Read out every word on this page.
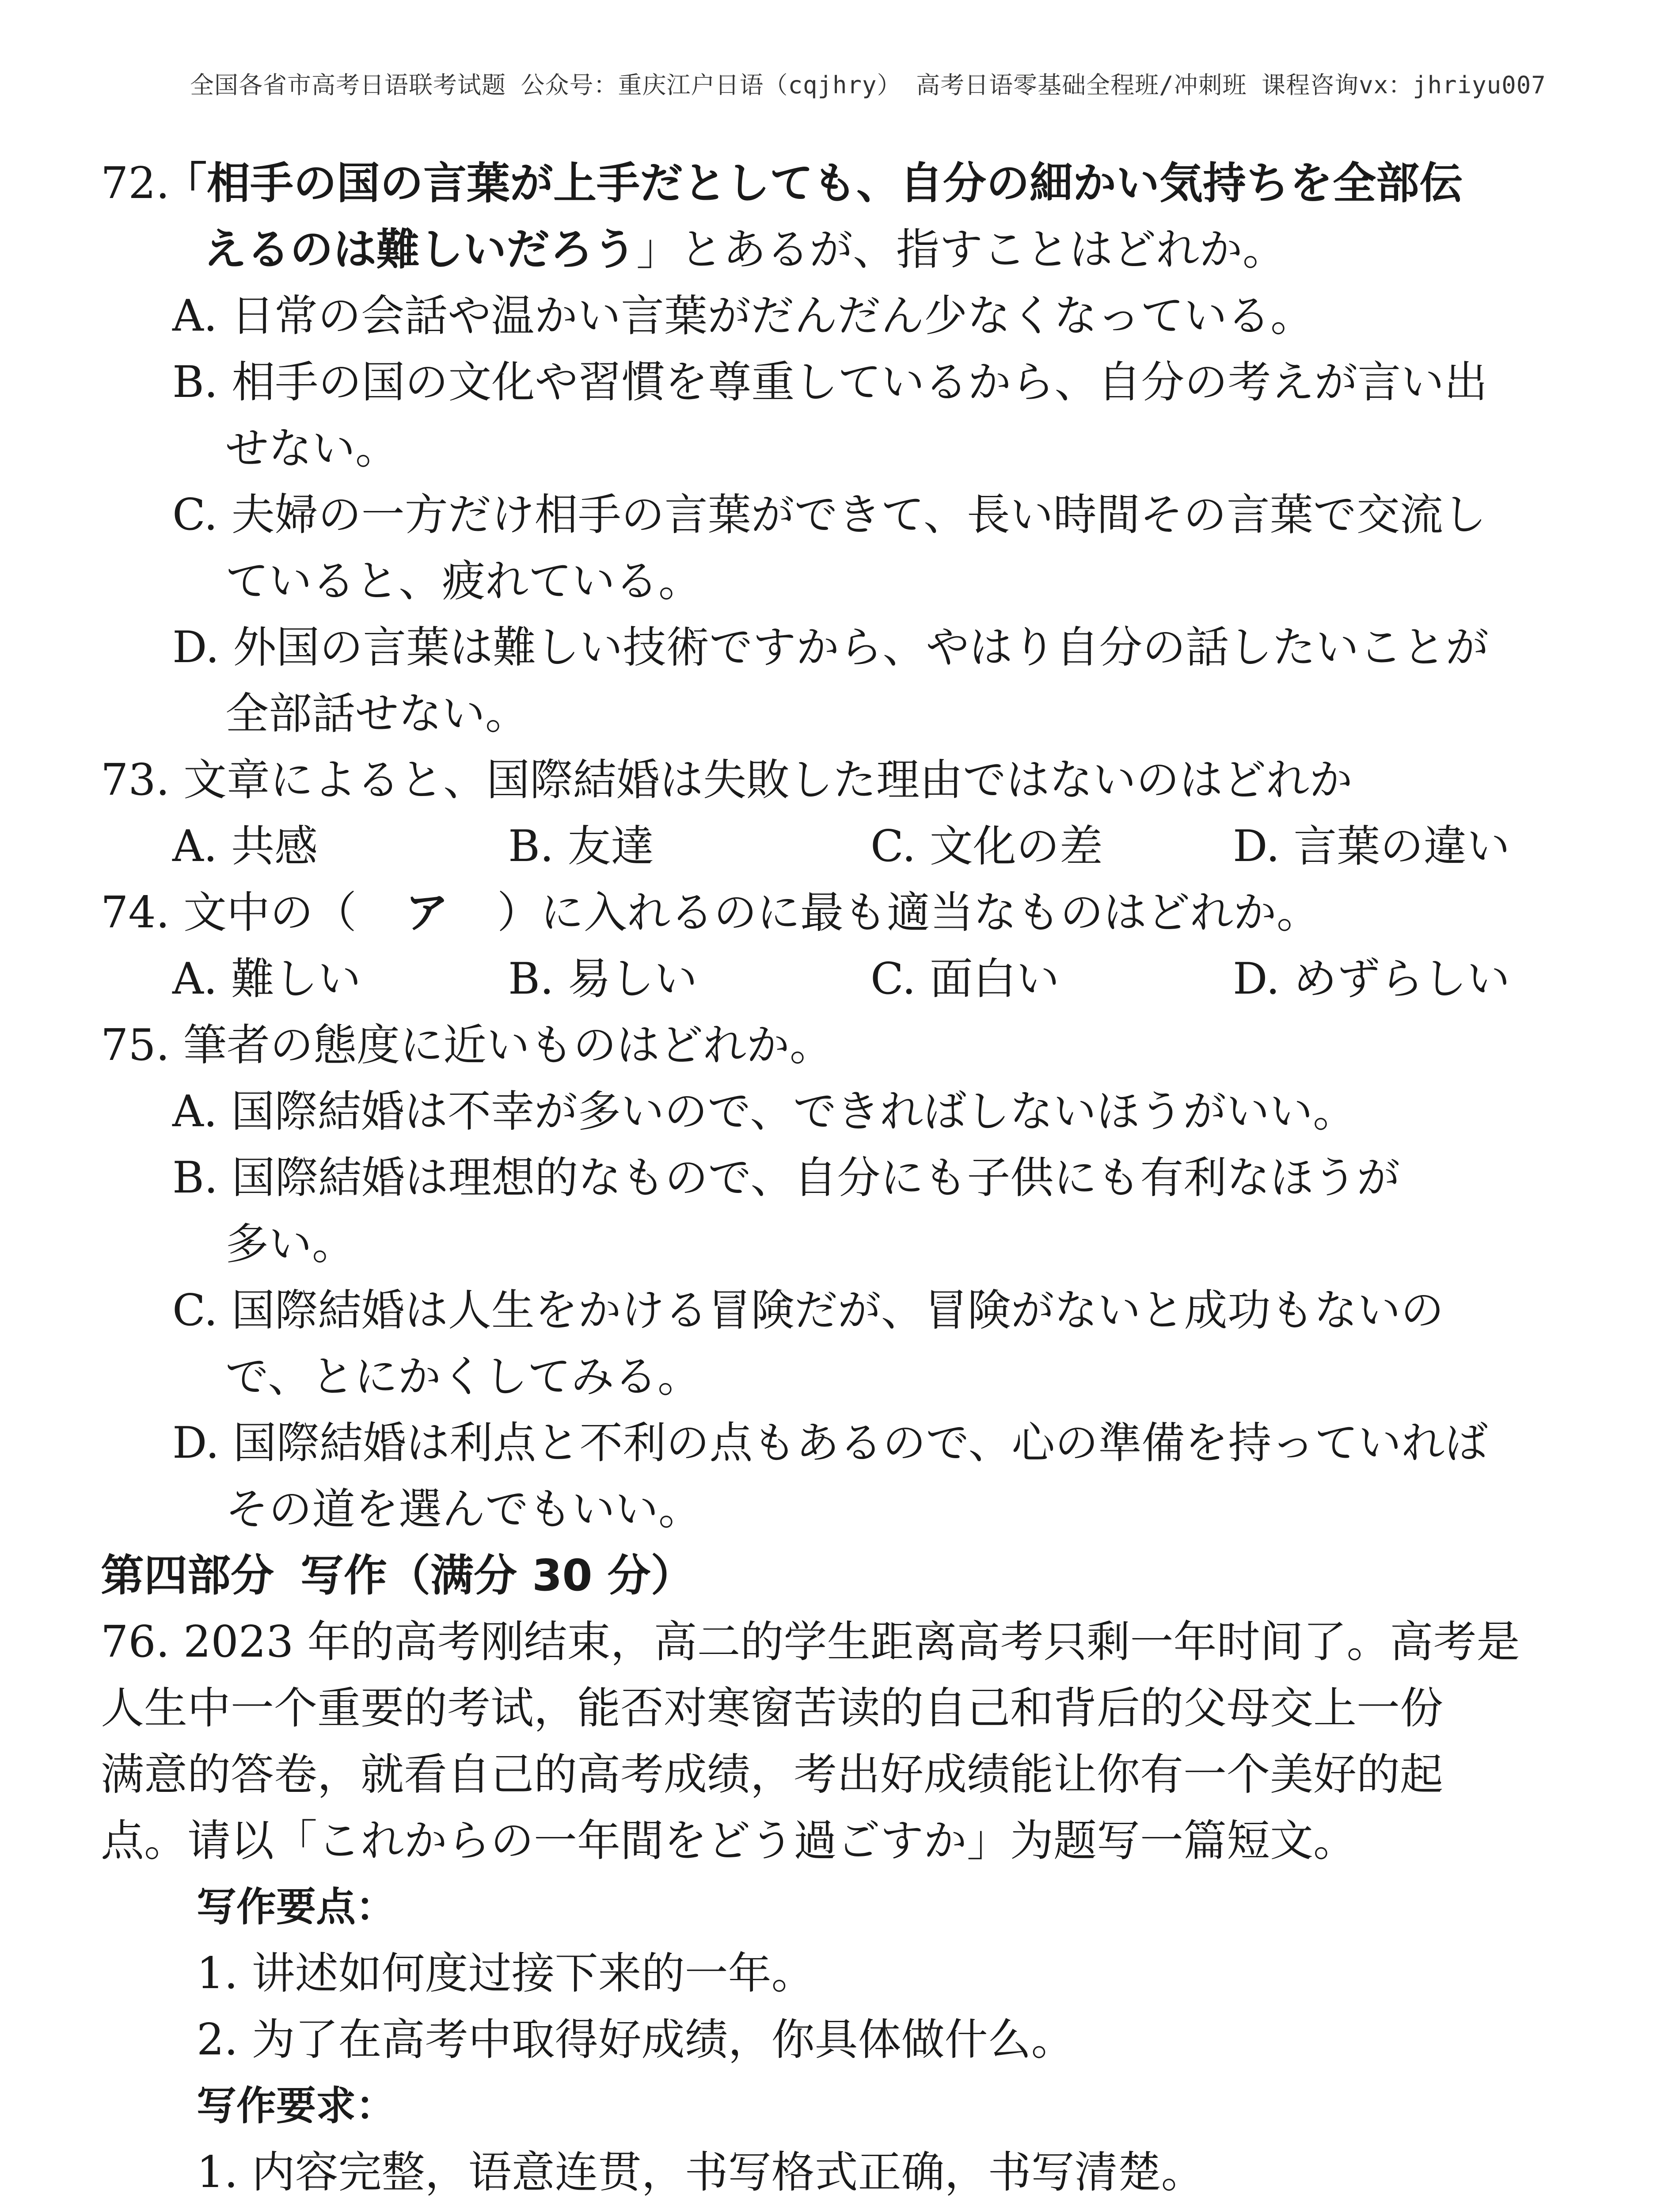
全国各省市高考日语联考试题 公众号：重庆江户日语（cqjhry） 高考日语零基础全程班/冲刺班 课程咨询vx：jhriyu007
72.
「相手の国の言葉が上手だとしても、自分の細かい気持ちを全部伝
えるのは難しいだろう」とあるが、指すことはどれか。
A. 日常の会話や温かい言葉がだんだん少なくなっている。
B. 相手の国の文化や習慣を尊重しているから、自分の考えが言い出
せない。
C. 夫婦の一方だけ相手の言葉ができて、長い時間その言葉で交流し
ていると、疲れている。
D. 外国の言葉は難しい技術ですから、やはり自分の話したいことが
全部話せない。
73. 文章によると、国際結婚は失敗した理由ではないのはどれか
A. 共感	B. 友達	C. 文化の差	D. 言葉の違い
74. 文中の（ ア ）に入れるのに最も適当なものはどれか。
A. 難しい	B. 易しい	C. 面白い	D. めずらしい
75. 筆者の態度に近いものはどれか。
A. 国際結婚は不幸が多いので、できればしないほうがいい。
B. 国際結婚は理想的なもので、自分にも子供にも有利なほうが
多い。
C. 国際結婚は人生をかける冒険だが、冒険がないと成功もないの
で、とにかくしてみる。
D. 国際結婚は利点と不利の点もあるので、心の準備を持っていれば
その道を選んでもいい。
第四部分 写作（满分 30 分）
76. 2023 年的高考刚结束，高二的学生距离高考只剩一年时间了。高考是
人生中一个重要的考试，能否对寒窗苦读的自己和背后的父母交上一份
满意的答卷，就看自己的高考成绩，考出好成绩能让你有一个美好的起
点。请以「これからの一年間をどう過ごすか」为题写一篇短文。
写作要点：
1. 讲述如何度过接下来的一年。
2. 为了在高考中取得好成绩，你具体做什么。
写作要求：
1. 内容完整，语意连贯，书写格式正确，书写清楚。
